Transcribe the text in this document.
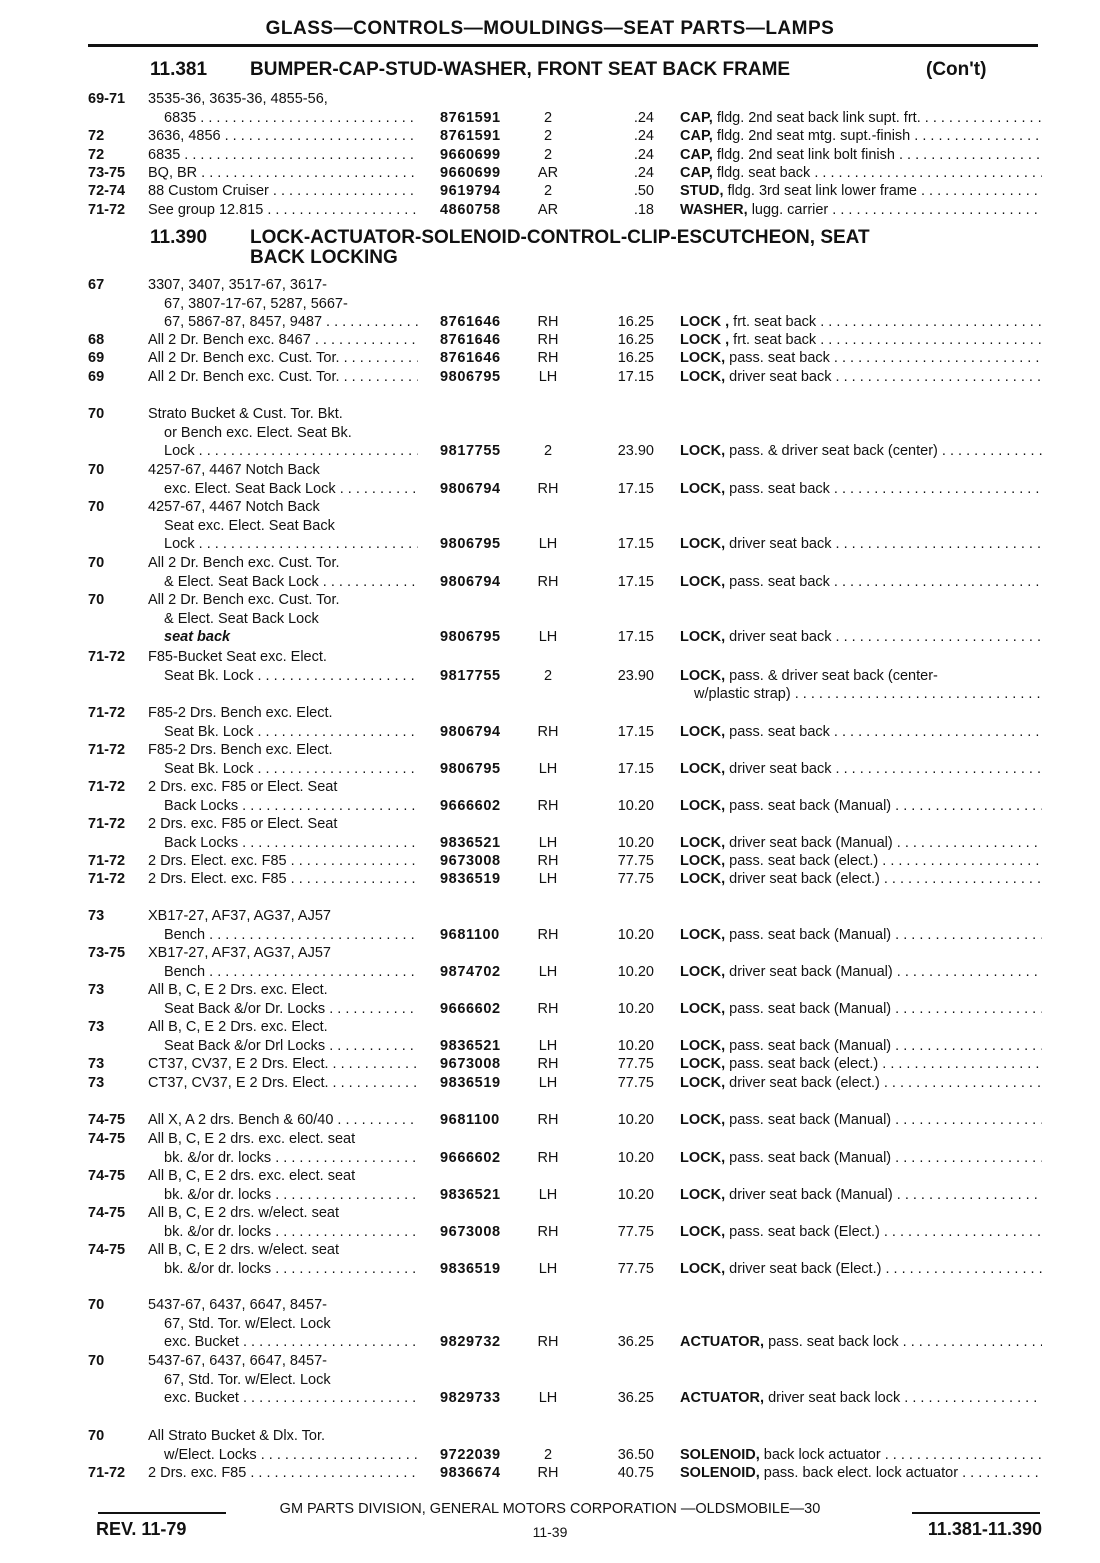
GLASS—CONTROLS—MOULDINGS—SEAT PARTS—LAMPS
11.381 BUMPER-CAP-STUD-WASHER, FRONT SEAT BACK FRAME	(Con't)
11.390 LOCK-ACTUATOR-SOLENOID-CONTROL-CLIP-ESCUTCHEON, SEAT
BACK LOCKING
69-71 3535-36, 3635-36, 4855-56,
6835 . . .	8761591	2	.24 CAP, fldg. 2nd seat back link supt. frt. . . .
72	3636, 4856 . . .	8761591	2	.24 CAP, fldg. 2nd seat mtg. supt.-finish . . .
72	6835 . . .	9660699	2	.24 CAP, fldg. 2nd seat link bolt finish . . .
73-75 BQ, BR . . .	9660699	AR	.24 CAP, fldg. seat back . . .
72-74 88 Custom Cruiser . . .	9619794	2	.50 STUD, fldg. 3rd seat link lower frame . . .
71-72 See group 12.815 . . .	4860758	AR	.18 WASHER, lugg. carrier . . .
67	3307, 3407, 3517-67, 3617-
67, 3807-17-67, 5287, 5667-
67, 5867-87, 8457, 9487 . . .	8761646	RH	16.25 LOCK , frt. seat back . . .
68	All 2 Dr. Bench exc. 8467 . . .	8761646	RH	16.25 LOCK , frt. seat back . . .
69	All 2 Dr. Bench exc. Cust. Tor. . . .	8761646	RH	16.25 LOCK, pass. seat back . . .
69	All 2 Dr. Bench exc. Cust. Tor. . . .	9806795	LH	17.15 LOCK, driver seat back . . .
70	Strato Bucket & Cust. Tor. Bkt.
or Bench exc. Elect. Seat Bk.
Lock . . .	9817755	2	23.90 LOCK, pass. & driver seat back (center) . . .
70	4257-67, 4467 Notch Back
exc. Elect. Seat Back Lock . . .	9806794	RH	17.15 LOCK, pass. seat back . . .
70	4257-67, 4467 Notch Back
Seat exc. Elect. Seat Back
Lock . . .	9806795	LH	17.15 LOCK, driver seat back . . .
70	All 2 Dr. Bench exc. Cust. Tor.
& Elect. Seat Back Lock . . .	9806794	RH	17.15 LOCK, pass. seat back . . .
70	All 2 Dr. Bench exc. Cust. Tor.
& Elect. Seat Back Lock
seat back	9806795	LH	17.15 LOCK, driver seat back . . .
71-72 F85-Bucket Seat exc. Elect.
Seat Bk. Lock . . .	9817755	2	23.90 LOCK, pass. & driver seat back (center-
w/plastic strap) . . .
71-72 F85-2 Drs. Bench exc. Elect.
Seat Bk. Lock . . .	9806794	RH	17.15 LOCK, pass. seat back . . .
71-72 F85-2 Drs. Bench exc. Elect.
Seat Bk. Lock . . .	9806795	LH	17.15 LOCK, driver seat back . . .
71-72 2 Drs. exc. F85 or Elect. Seat
Back Locks . . .	9666602	RH	10.20 LOCK, pass. seat back (Manual) . . .
71-72 2 Drs. exc. F85 or Elect. Seat
Back Locks . . .	9836521	LH	10.20 LOCK, driver seat back (Manual) . . .
71-72 2 Drs. Elect. exc. F85 . . .	9673008	RH	77.75 LOCK, pass. seat back (elect.) . . .
71-72 2 Drs. Elect. exc. F85 . . .	9836519	LH	77.75 LOCK, driver seat back (elect.) . . .
73	XB17-27, AF37, AG37, AJ57
Bench . . .	9681100	RH	10.20 LOCK, pass. seat back (Manual) . . .
73-75 XB17-27, AF37, AG37, AJ57
Bench . . .	9874702	LH	10.20 LOCK, driver seat back (Manual) . . .
73	All B, C, E 2 Drs. exc. Elect.
Seat Back &/or Dr. Locks . . .	9666602	RH	10.20 LOCK, pass. seat back (Manual) . . .
73	All B, C, E 2 Drs. exc. Elect.
Seat Back &/or Drl Locks . . .	9836521	LH	10.20 LOCK, pass. seat back (Manual) . . .
73	CT37, CV37, E 2 Drs. Elect. . . .	9673008	RH	77.75 LOCK, pass. seat back (elect.) . . .
73	CT37, CV37, E 2 Drs. Elect. . . .	9836519	LH	77.75 LOCK, driver seat back (elect.) . . .
74-75 All X, A 2 drs. Bench & 60/40 . . .	9681100	RH	10.20 LOCK, pass. seat back (Manual) . . .
74-75 All B, C, E 2 drs. exc. elect. seat
bk. &/or dr. locks . . .	9666602	RH	10.20 LOCK, pass. seat back (Manual) . . .
74-75 All B, C, E 2 drs. exc. elect. seat
bk. &/or dr. locks . . .	9836521	LH	10.20 LOCK, driver seat back (Manual) . . .
74-75 All B, C, E 2 drs. w/elect. seat
bk. &/or dr. locks . . .	9673008	RH	77.75 LOCK, pass. seat back (Elect.) . . .
74-75 All B, C, E 2 drs. w/elect. seat
bk. &/or dr. locks . . .	9836519	LH	77.75 LOCK, driver seat back (Elect.) . . .
70	5437-67, 6437, 6647, 8457-
67, Std. Tor. w/Elect. Lock
exc. Bucket . . .	9829732	RH	36.25 ACTUATOR, pass. seat back lock . . .
70	5437-67, 6437, 6647, 8457-
67, Std. Tor. w/Elect. Lock
exc. Bucket . . .	9829733	LH	36.25 ACTUATOR, driver seat back lock . . .
70	All Strato Bucket & Dlx. Tor.
w/Elect. Locks . . .	9722039	2	36.50 SOLENOID, back lock actuator . . .
71-72 2 Drs. exc. F85 . . .	9836674	RH	40.75 SOLENOID, pass. back elect. lock actuator . . .
GM PARTS DIVISION, GENERAL MOTORS CORPORATION —OLDSMOBILE—30
REV. 11-79	11-39	11.381-11.390
